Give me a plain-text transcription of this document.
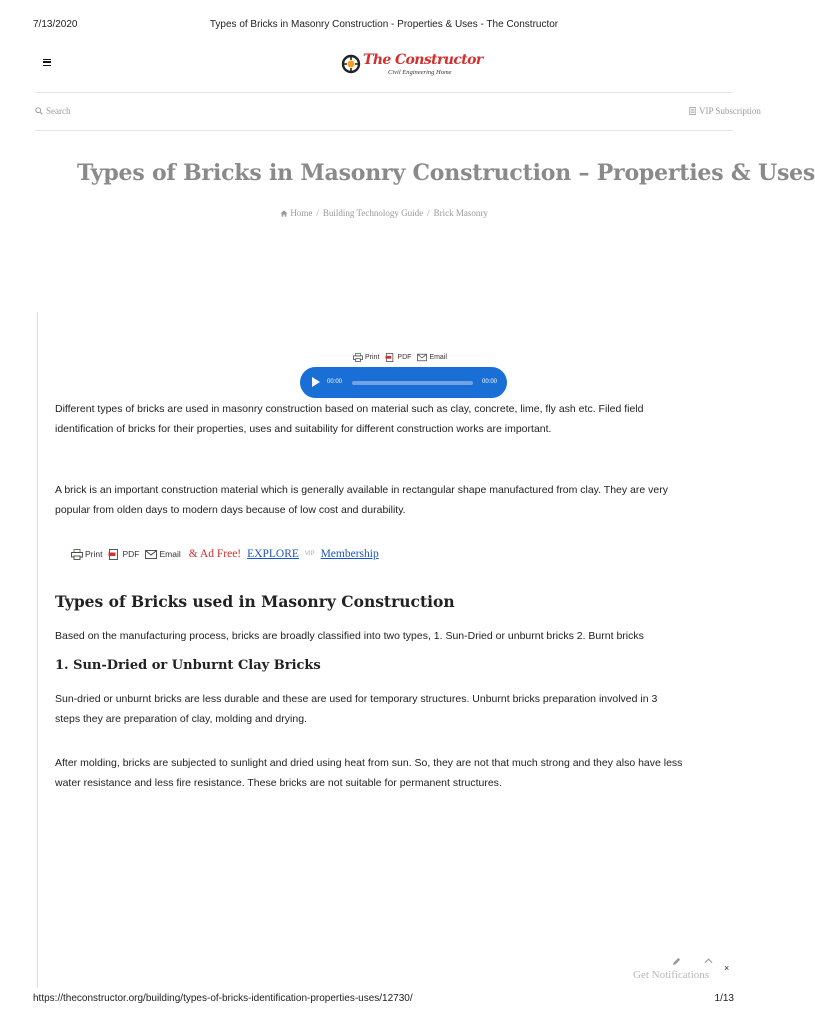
7/13/2020	Types of Bricks in Masonry Construction - Properties & Uses - The Constructor
The Constructor
Civil Engineering Home
Search	VIP Subscription
Types of Bricks in Masonry Construction – Properties & Uses
Home / Building Technology Guide / Brick Masonry
Print	PDF	Email
00:00	00:00
Different types of bricks are used in masonry construction based on material such as clay, concrete, lime, fly ash etc. Filed field
identification of bricks for their properties, uses and suitability for different construction works are important.
A brick is an important construction material which is generally available in rectangular shape manufactured from clay. They are very
popular from olden days to modern days because of low cost and durability.
Print PDF Email & Ad Free! EXPLORE VIP Membership
Types of Bricks used in Masonry Construction
Based on the manufacturing process, bricks are broadly classified into two types, 1. Sun-Dried or unburnt bricks 2. Burnt bricks
1. Sun-Dried or Unburnt Clay Bricks
Sun-dried or unburnt bricks are less durable and these are used for temporary structures. Unburnt bricks preparation involved in 3
steps they are preparation of clay, molding and drying.
After molding, bricks are subjected to sunlight and dried using heat from sun. So, they are not that much strong and they also have less
water resistance and less fire resistance. These bricks are not suitable for permanent structures.
Get Notifications
×
https://theconstructor.org/building/types-of-bricks-identification-properties-uses/12730/	1/13
